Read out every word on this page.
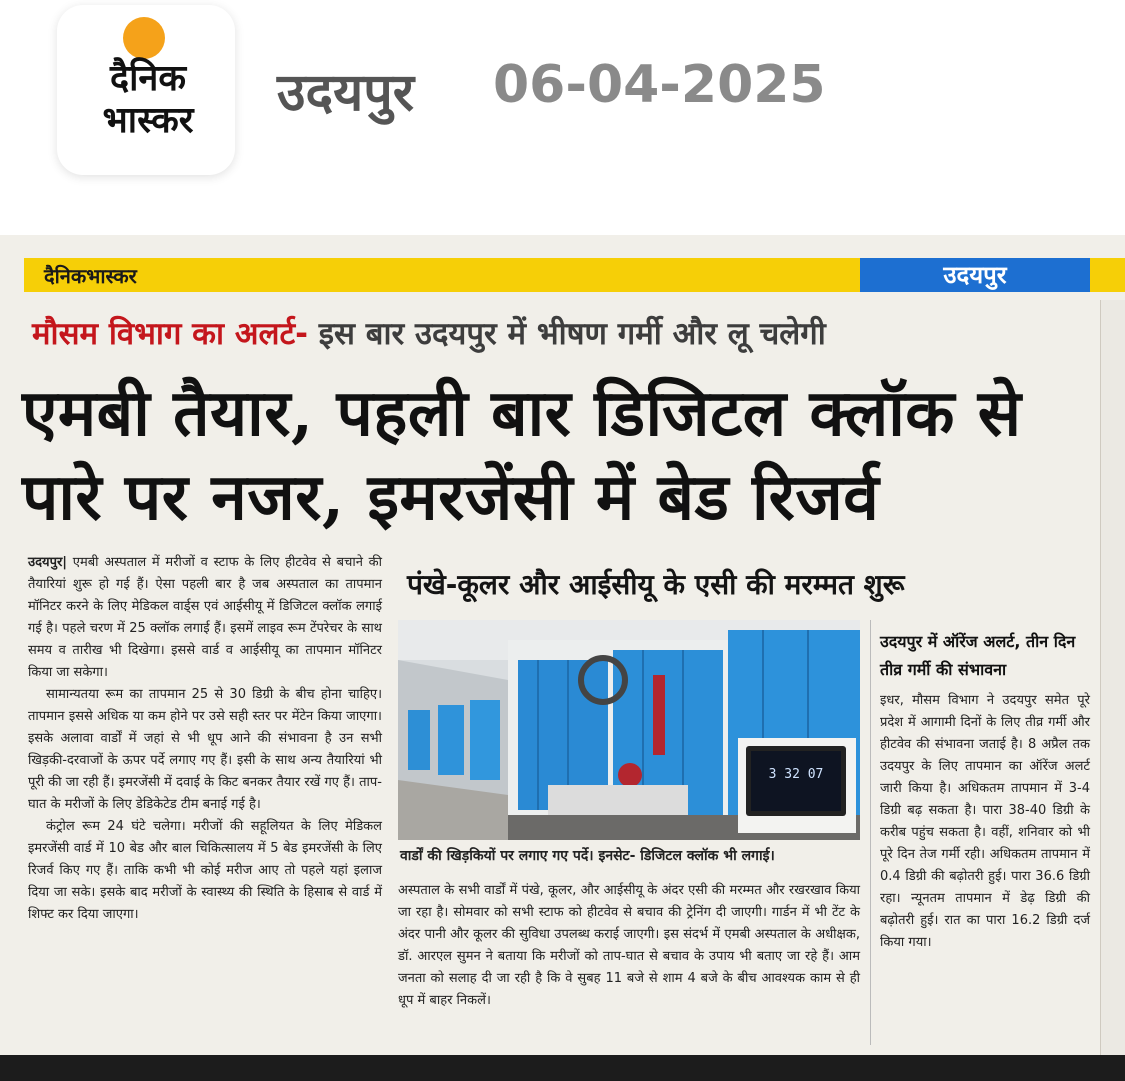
दैनिक भास्कर	उदयपुर 06-04-2025
दैनिकभास्कर	उदयपुर
मौसम विभाग का अलर्ट- इस बार उदयपुर में भीषण गर्मी और लू चलेगी
एमबी तैयार, पहली बार डिजिटल क्लॉक से पारे पर नजर, इमरजेंसी में बेड रिजर्व

उदयपुर| एमबी अस्पताल में मरीजों व स्टाफ के लिए हीटवेव से बचाने की तैयारियां शुरू हो गई हैं। ऐसा पहली बार है जब अस्पताल का तापमान मॉनिटर करने के लिए मेडिकल वार्ड्स एवं आईसीयू में डिजिटल क्लॉक लगाई गई है। पहले चरण में 25 क्लॉक लगाई हैं। इसमें लाइव रूम टेंपरेचर के साथ समय व तारीख भी दिखेगा। इससे वार्ड व आईसीयू का तापमान मॉनिटर किया जा सकेगा।

सामान्यतया रूम का तापमान 25 से 30 डिग्री के बीच होना चाहिए। तापमान इससे अधिक या कम होने पर उसे सही स्तर पर मेंटेन किया जाएगा। इसके अलावा वार्डों में जहां से भी धूप आने की संभावना है उन सभी खिड़की-दरवाजों के ऊपर पर्दे लगाए गए हैं। इसी के साथ अन्य तैयारियां भी पूरी की जा रही हैं। इमरजेंसी में दवाई के किट बनकर तैयार रखें गए हैं। ताप-घात के मरीजों के लिए डेडिकेटेड टीम बनाई गई है।

कंट्रोल रूम 24 घंटे चलेगा। मरीजों की सहूलियत के लिए मेडिकल इमरजेंसी वार्ड में 10 बेड और बाल चिकित्सालय में 5 बेड इमरजेंसी के लिए रिजर्व किए गए हैं। ताकि कभी भी कोई मरीज आए तो पहले यहां इलाज दिया जा सके। इसके बाद मरीजों के स्वास्थ्य की स्थिति के हिसाब से वार्ड में शिफ्ट कर दिया जाएगा।

पंखे-कूलर और आईसीयू के एसी की मरम्मत शुरू
3 32 07
वार्डों की खिड़कियों पर लगाए गए पर्दे। इनसेट- डिजिटल क्लॉक भी लगाई।

अस्पताल के सभी वार्डों में पंखे, कूलर, और आईसीयू के अंदर एसी की मरम्मत और रखरखाव किया जा रहा है। सोमवार को सभी स्टाफ को हीटवेव से बचाव की ट्रेनिंग दी जाएगी। गार्डन में भी टेंट के अंदर पानी और कूलर की सुविधा उपलब्ध कराई जाएगी। इस संदर्भ में एमबी अस्पताल के अधीक्षक, डॉ. आरएल सुमन ने बताया कि मरीजों को ताप-घात से बचाव के उपाय भी बताए जा रहे हैं। आम जनता को सलाह दी जा रही है कि वे सुबह 11 बजे से शाम 4 बजे के बीच आवश्यक काम से ही धूप में बाहर निकलें।

उदयपुर में ऑरेंज अलर्ट, तीन दिन तीव्र गर्मी की संभावना

इधर, मौसम विभाग ने उदयपुर समेत पूरे प्रदेश में आगामी दिनों के लिए तीव्र गर्मी और हीटवेव की संभावना जताई है। 8 अप्रैल तक उदयपुर के लिए तापमान का ऑरेंज अलर्ट जारी किया है। अधिकतम तापमान में 3-4 डिग्री बढ़ सकता है। पारा 38-40 डिग्री के करीब पहुंच सकता है। वहीं, शनिवार को भी पूरे दिन तेज गर्मी रही। अधिकतम तापमान में 0.4 डिग्री की बढ़ोतरी हुई। पारा 36.6 डिग्री रहा। न्यूनतम तापमान में डेढ़ डिग्री की बढ़ोतरी हुई। रात का पारा 16.2 डिग्री दर्ज किया गया।
